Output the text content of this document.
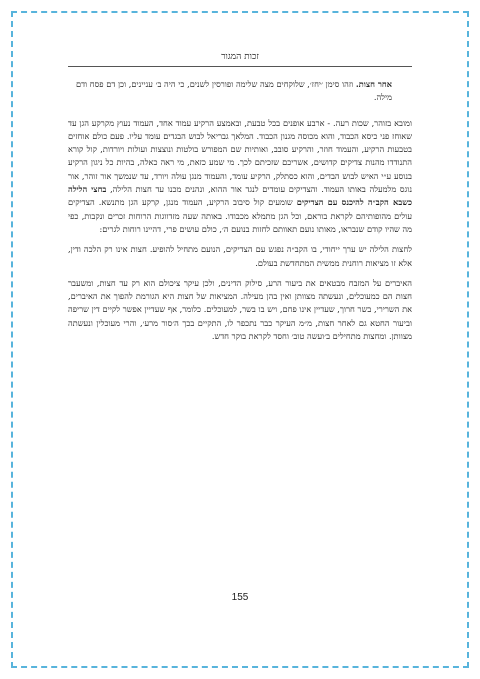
זכות המגור

אחר חצות. וזהו סימן ׳יחז׳, שלוקחים מצה שלימה ופורסין לשנים, כי היה ב׳ עניינים, וכן דם פסח ודם מילה.

ומובא בזוהר, שכות רעה. - ארבע אופנים בכל טבעת, ובאמצע הרקיע עמוד אחד, העמוד נעוץ מקרקע הגן עד שאוחז פני כיסא הכבוד, והוא מכוסה מגנון הכבוד. המלאך גבריאל לבוש הבגדים עומד עליו. פעם כולם אוחזים בטבעות הרקיע, והעמוד חוזר, והרקיע סובב, ואותיות שם המפורש בולטות ונוצצות ועולות ויורדות, קול קורא התנודדו מהנות צדיקים קדושים, אשריכם שזכיתם לכך. מי שמע כזאת, מי ראה כאלה, בהיות כל ניגון הרקיע בנוסע ע״י האיש לבוש הבדים, והוא כסתלק, הרקיע עומד, והעמוד מנגן עולה ויורד, עד שנמשך אור זוהר, אור נוגס מלמעלה באותו העמוד. והצדיקים עומדים לנגד אור ההוא, ונהנים מכנו עד חצות הלילה, בחצי הלילה כשבא הקב״ה להיכנס עם הצדיקים שומעים קול סיבוב הרקיע, העמוד מנגן, קרקע הגן מתנשא. הצדיקים עולים מהופותיהם לקראת בוראם, וכל הגן מתמלא מכבודו. באותה שעה מזדווגות הרוחות זכרים ונקבות, כפי מה שהיו קודם שנבראו, מאותו נועם תאוותם לחזות בנועם ה׳, כולם עושים פרי, דהיינו רוחות לגרים:

לחצות הלילה יש ערך ייחודי, בו הקב״ה נפגש עם הצדיקים, הנועם מתחיל להופיע. חצות אינו רק הלכה ודין, אלא זו מציאות רוחנית ממשית המתחדשת בעולם.

האיברים על המזבח מבטאים את ביעור הרע, סילוק הדינים, ולכן עיקר ציכולם הוא רק עד חצות, ומשעבר חצות הם כמעוכלים, ונעשתה מצוותן ואין בהן מעילה. המציאות של חצות היא הגורמת להפוך את האיברים, את השרירי, בשר חרוך, שעדיין אינו פחם, ויש בו בשר, למעוכלים. כלומר, אף שעדיין אפשר לקיים דין שריפה וביעור החטא גם לאחר חצות, מ״מ העיקר כבר נתכפר לו, התקיים בכך ה׳סור מרע׳, והרי מעוכלין ונעשתה מצוותן. ומחצות מתחילים ב׳ועשה טוב׳ וחסד לקראת בוקר חדש.

155
